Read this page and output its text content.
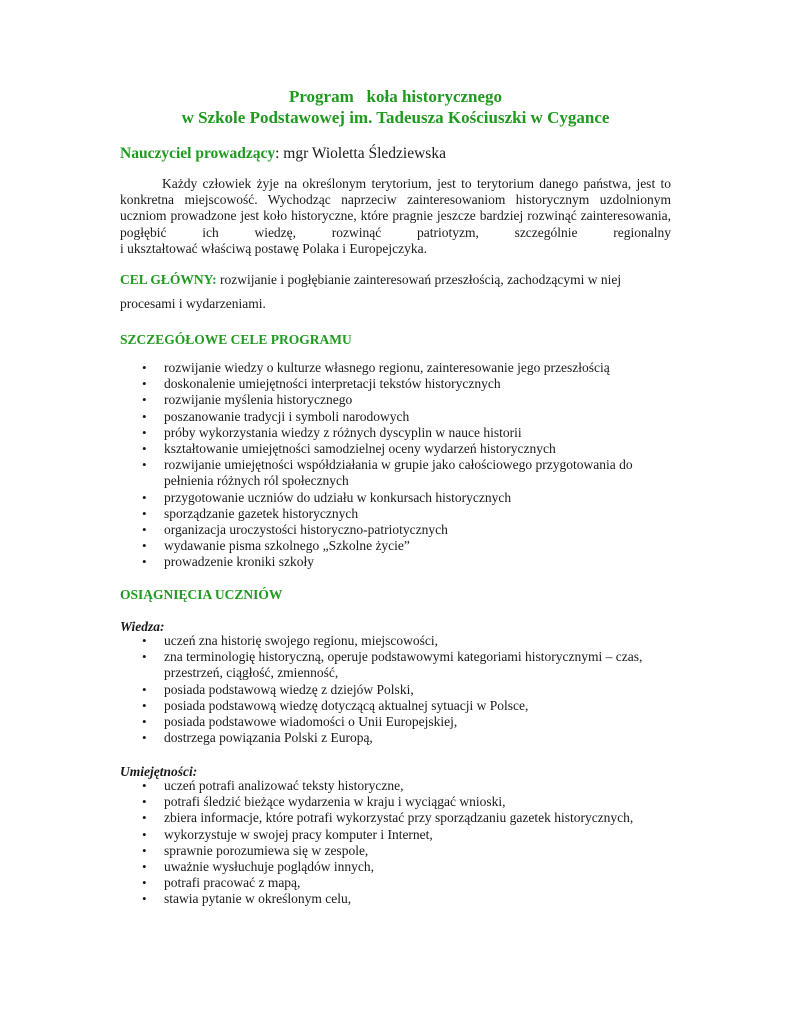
Program   koła historycznego
w Szkole Podstawowej im. Tadeusza Kościuszki w Cygance
Nauczyciel prowadzący: mgr Wioletta Śledziewska
Każdy człowiek żyje na określonym terytorium, jest to terytorium danego państwa, jest to
konkretna miejscowość. Wychodząc naprzeciw zainteresowaniom historycznym uzdolnionym
uczniom prowadzone jest koło historyczne, które pragnie jeszcze bardziej rozwinąć zainteresowania,
pogłębić ich wiedzę, rozwinąć patriotyzm, szczególnie regionalny
i ukształtować właściwą postawę Polaka i Europejczyka.
CEL GŁÓWNY: rozwijanie i pogłębianie zainteresowań przeszłością, zachodzącymi w niej
procesami i wydarzeniami.
SZCZEGÓŁOWE CELE PROGRAMU
• rozwijanie wiedzy o kulturze własnego regionu, zainteresowanie jego przeszłością
• doskonalenie umiejętności interpretacji tekstów historycznych
• rozwijanie myślenia historycznego
• poszanowanie tradycji i symboli narodowych
• próby wykorzystania wiedzy z różnych dyscyplin w nauce historii
• kształtowanie umiejętności samodzielnej oceny wydarzeń historycznych
• rozwijanie umiejętności współdziałania w grupie jako całościowego przygotowania do pełnienia różnych ról społecznych
• przygotowanie uczniów do udziału w konkursach historycznych
• sporządzanie gazetek historycznych
• organizacja uroczystości historyczno-patriotycznych
• wydawanie pisma szkolnego „Szkolne życie”
• prowadzenie kroniki szkoły
OSIĄGNIĘCIA UCZNIÓW
Wiedza:
• uczeń zna historię swojego regionu, miejscowości,
• zna terminologię historyczną, operuje podstawowymi kategoriami historycznymi – czas, przestrzeń, ciągłość, zmienność,
• posiada podstawową wiedzę z dziejów Polski,
• posiada podstawową wiedzę dotyczącą aktualnej sytuacji w Polsce,
• posiada podstawowe wiadomości o Unii Europejskiej,
• dostrzega powiązania Polski z Europą,
Umiejętności:
• uczeń potrafi analizować teksty historyczne,
• potrafi śledzić bieżące wydarzenia w kraju i wyciągać wnioski,
• zbiera informacje, które potrafi wykorzystać przy sporządzaniu gazetek historycznych,
• wykorzystuje w swojej pracy komputer i Internet,
• sprawnie porozumiewa się w zespole,
• uważnie wysłuchuje poglądów innych,
• potrafi pracować z mapą,
• stawia pytanie w określonym celu,
